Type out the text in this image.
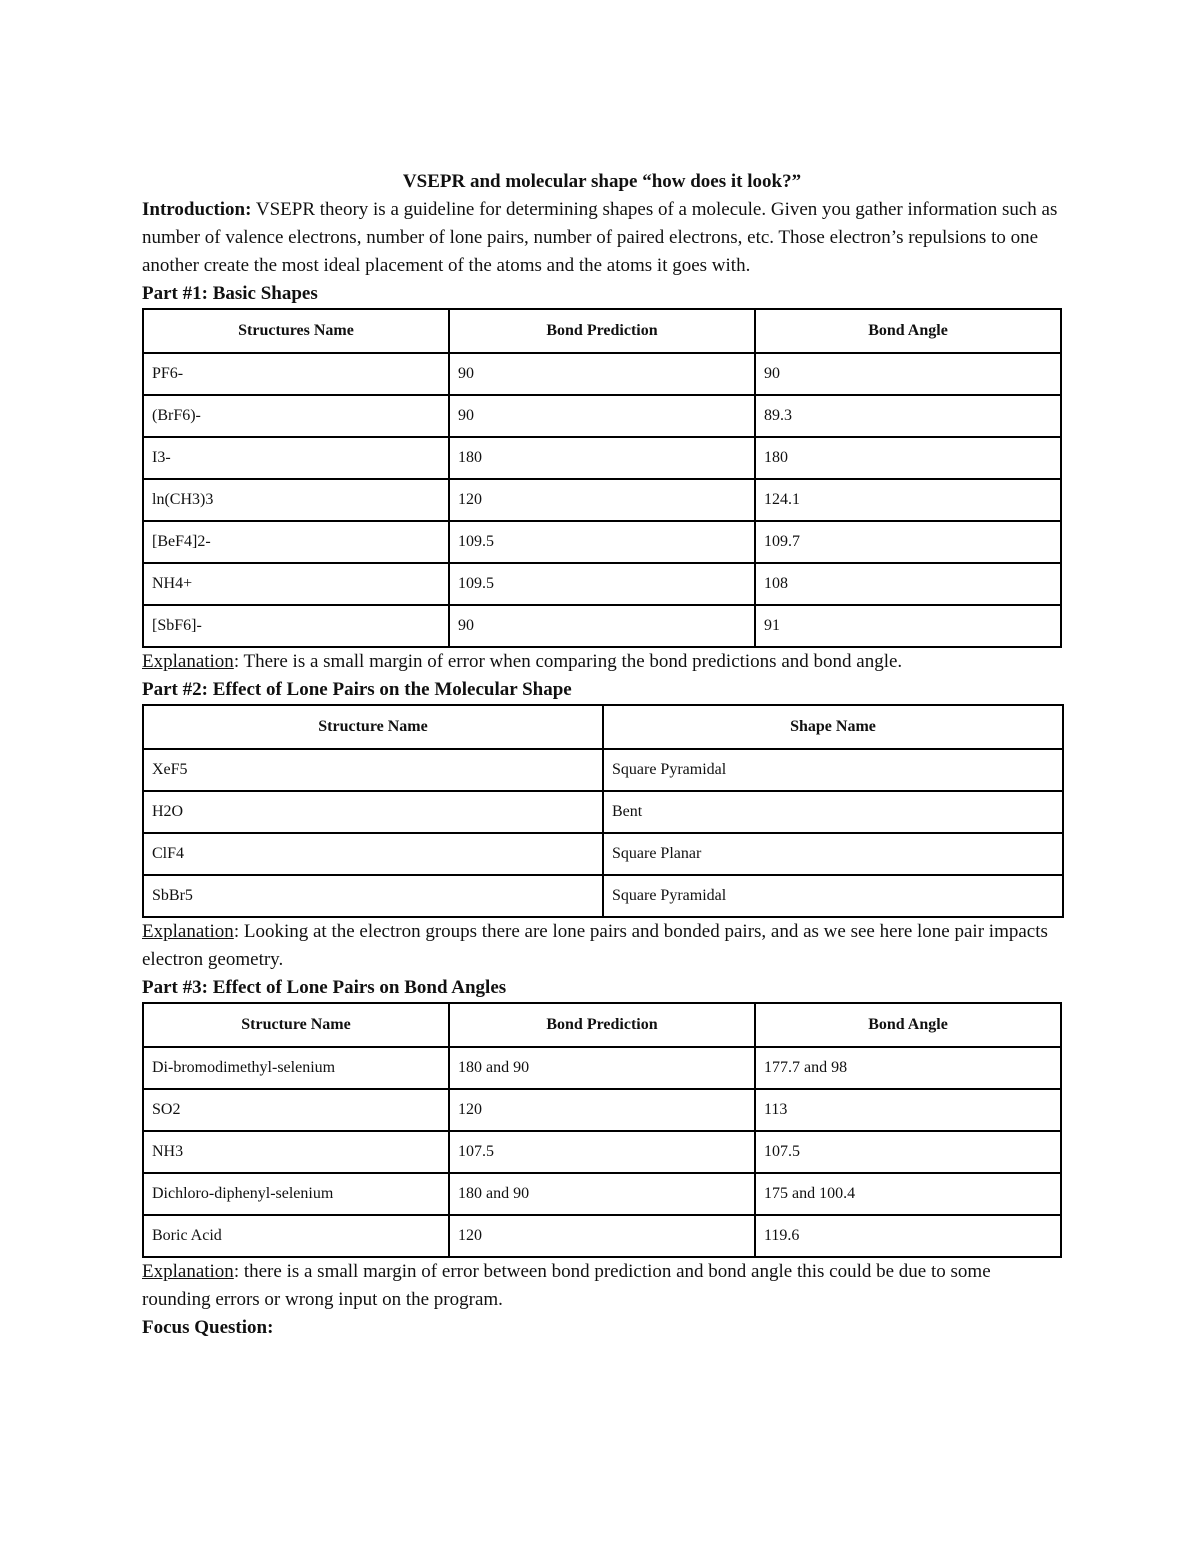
VSEPR and molecular shape “how does it look?”

Introduction: VSEPR theory is a guideline for determining shapes of a molecule. Given you gather information such as number of valence electrons, number of lone pairs, number of paired electrons, etc. Those electron’s repulsions to one another create the most ideal placement of the atoms and the atoms it goes with.

Part #1: Basic Shapes

Structures Name	Bond Prediction	Bond Angle
PF6-	90	90
(BrF6)-	90	89.3
I3-	180	180
ln(CH3)3	120	124.1
[BeF4]2-	109.5	109.7
NH4+	109.5	108
[SbF6]-	90	91

Explanation: There is a small margin of error when comparing the bond predictions and bond angle.

Part #2: Effect of Lone Pairs on the Molecular Shape

Structure Name	Shape Name
XeF5	Square Pyramidal
H2O	Bent
ClF4	Square Planar
SbBr5	Square Pyramidal

Explanation: Looking at the electron groups there are lone pairs and bonded pairs, and as we see here lone pair impacts electron geometry.

Part #3: Effect of Lone Pairs on Bond Angles

Structure Name	Bond Prediction	Bond Angle
Di-bromodimethyl-selenium	180 and 90	177.7 and 98
SO2	120	113
NH3	107.5	107.5
Dichloro-diphenyl-selenium	180 and 90	175 and 100.4
Boric Acid	120	119.6

Explanation: there is a small margin of error between bond prediction and bond angle this could be due to some rounding errors or wrong input on the program.

Focus Question:
